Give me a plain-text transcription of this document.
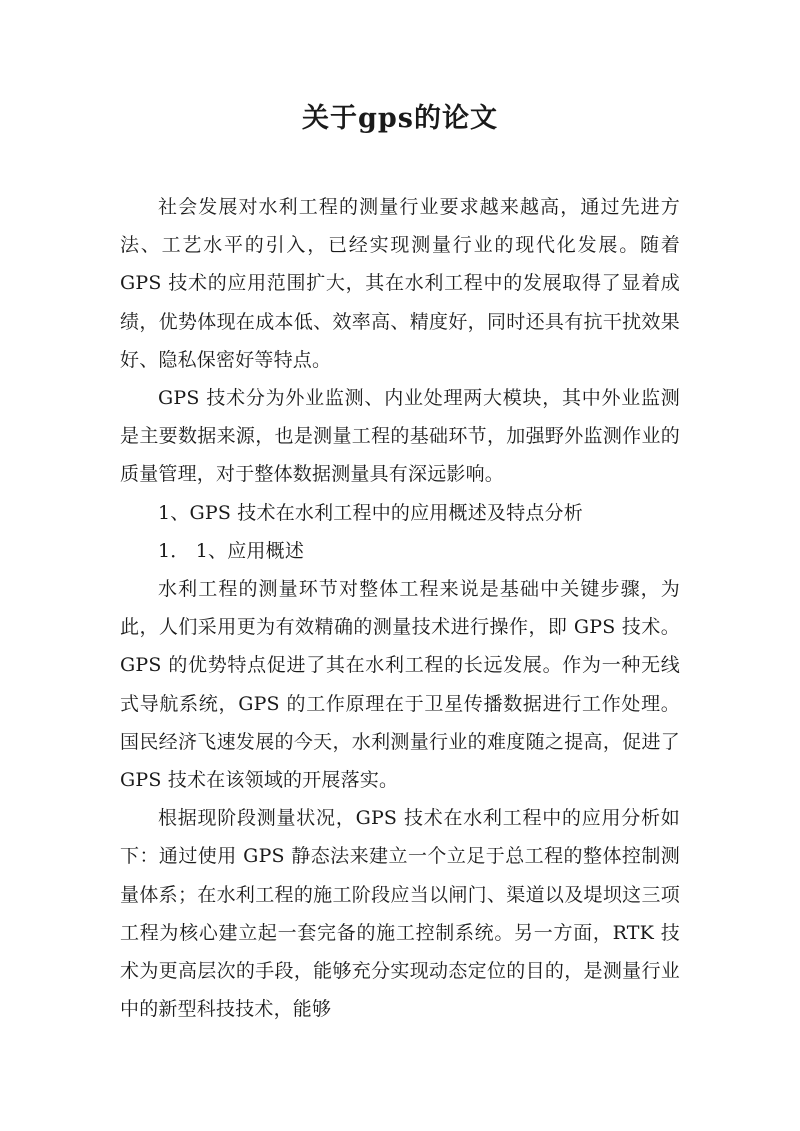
关于gps的论文

社会发展对水利工程的测量行业要求越来越高，通过先进方法、工艺水平的引入，已经实现测量行业的现代化发展。随着 GPS 技术的应用范围扩大，其在水利工程中的发展取得了显着成绩，优势体现在成本低、效率高、精度好，同时还具有抗干扰效果好、隐私保密好等特点。

GPS 技术分为外业监测、内业处理两大模块，其中外业监测是主要数据来源，也是测量工程的基础环节，加强野外监测作业的质量管理，对于整体数据测量具有深远影响。

1、GPS 技术在水利工程中的应用概述及特点分析

1． 1、应用概述

水利工程的测量环节对整体工程来说是基础中关键步骤，为此，人们采用更为有效精确的测量技术进行操作，即 GPS 技术。GPS 的优势特点促进了其在水利工程的长远发展。作为一种无线式导航系统，GPS 的工作原理在于卫星传播数据进行工作处理。国民经济飞速发展的今天，水利测量行业的难度随之提高，促进了 GPS 技术在该领域的开展落实。

根据现阶段测量状况，GPS 技术在水利工程中的应用分析如下：通过使用 GPS 静态法来建立一个立足于总工程的整体控制测量体系；在水利工程的施工阶段应当以闸门、渠道以及堤坝这三项工程为核心建立起一套完备的施工控制系统。另一方面，RTK 技术为更高层次的手段，能够充分实现动态定位的目的，是测量行业中的新型科技技术，能够
